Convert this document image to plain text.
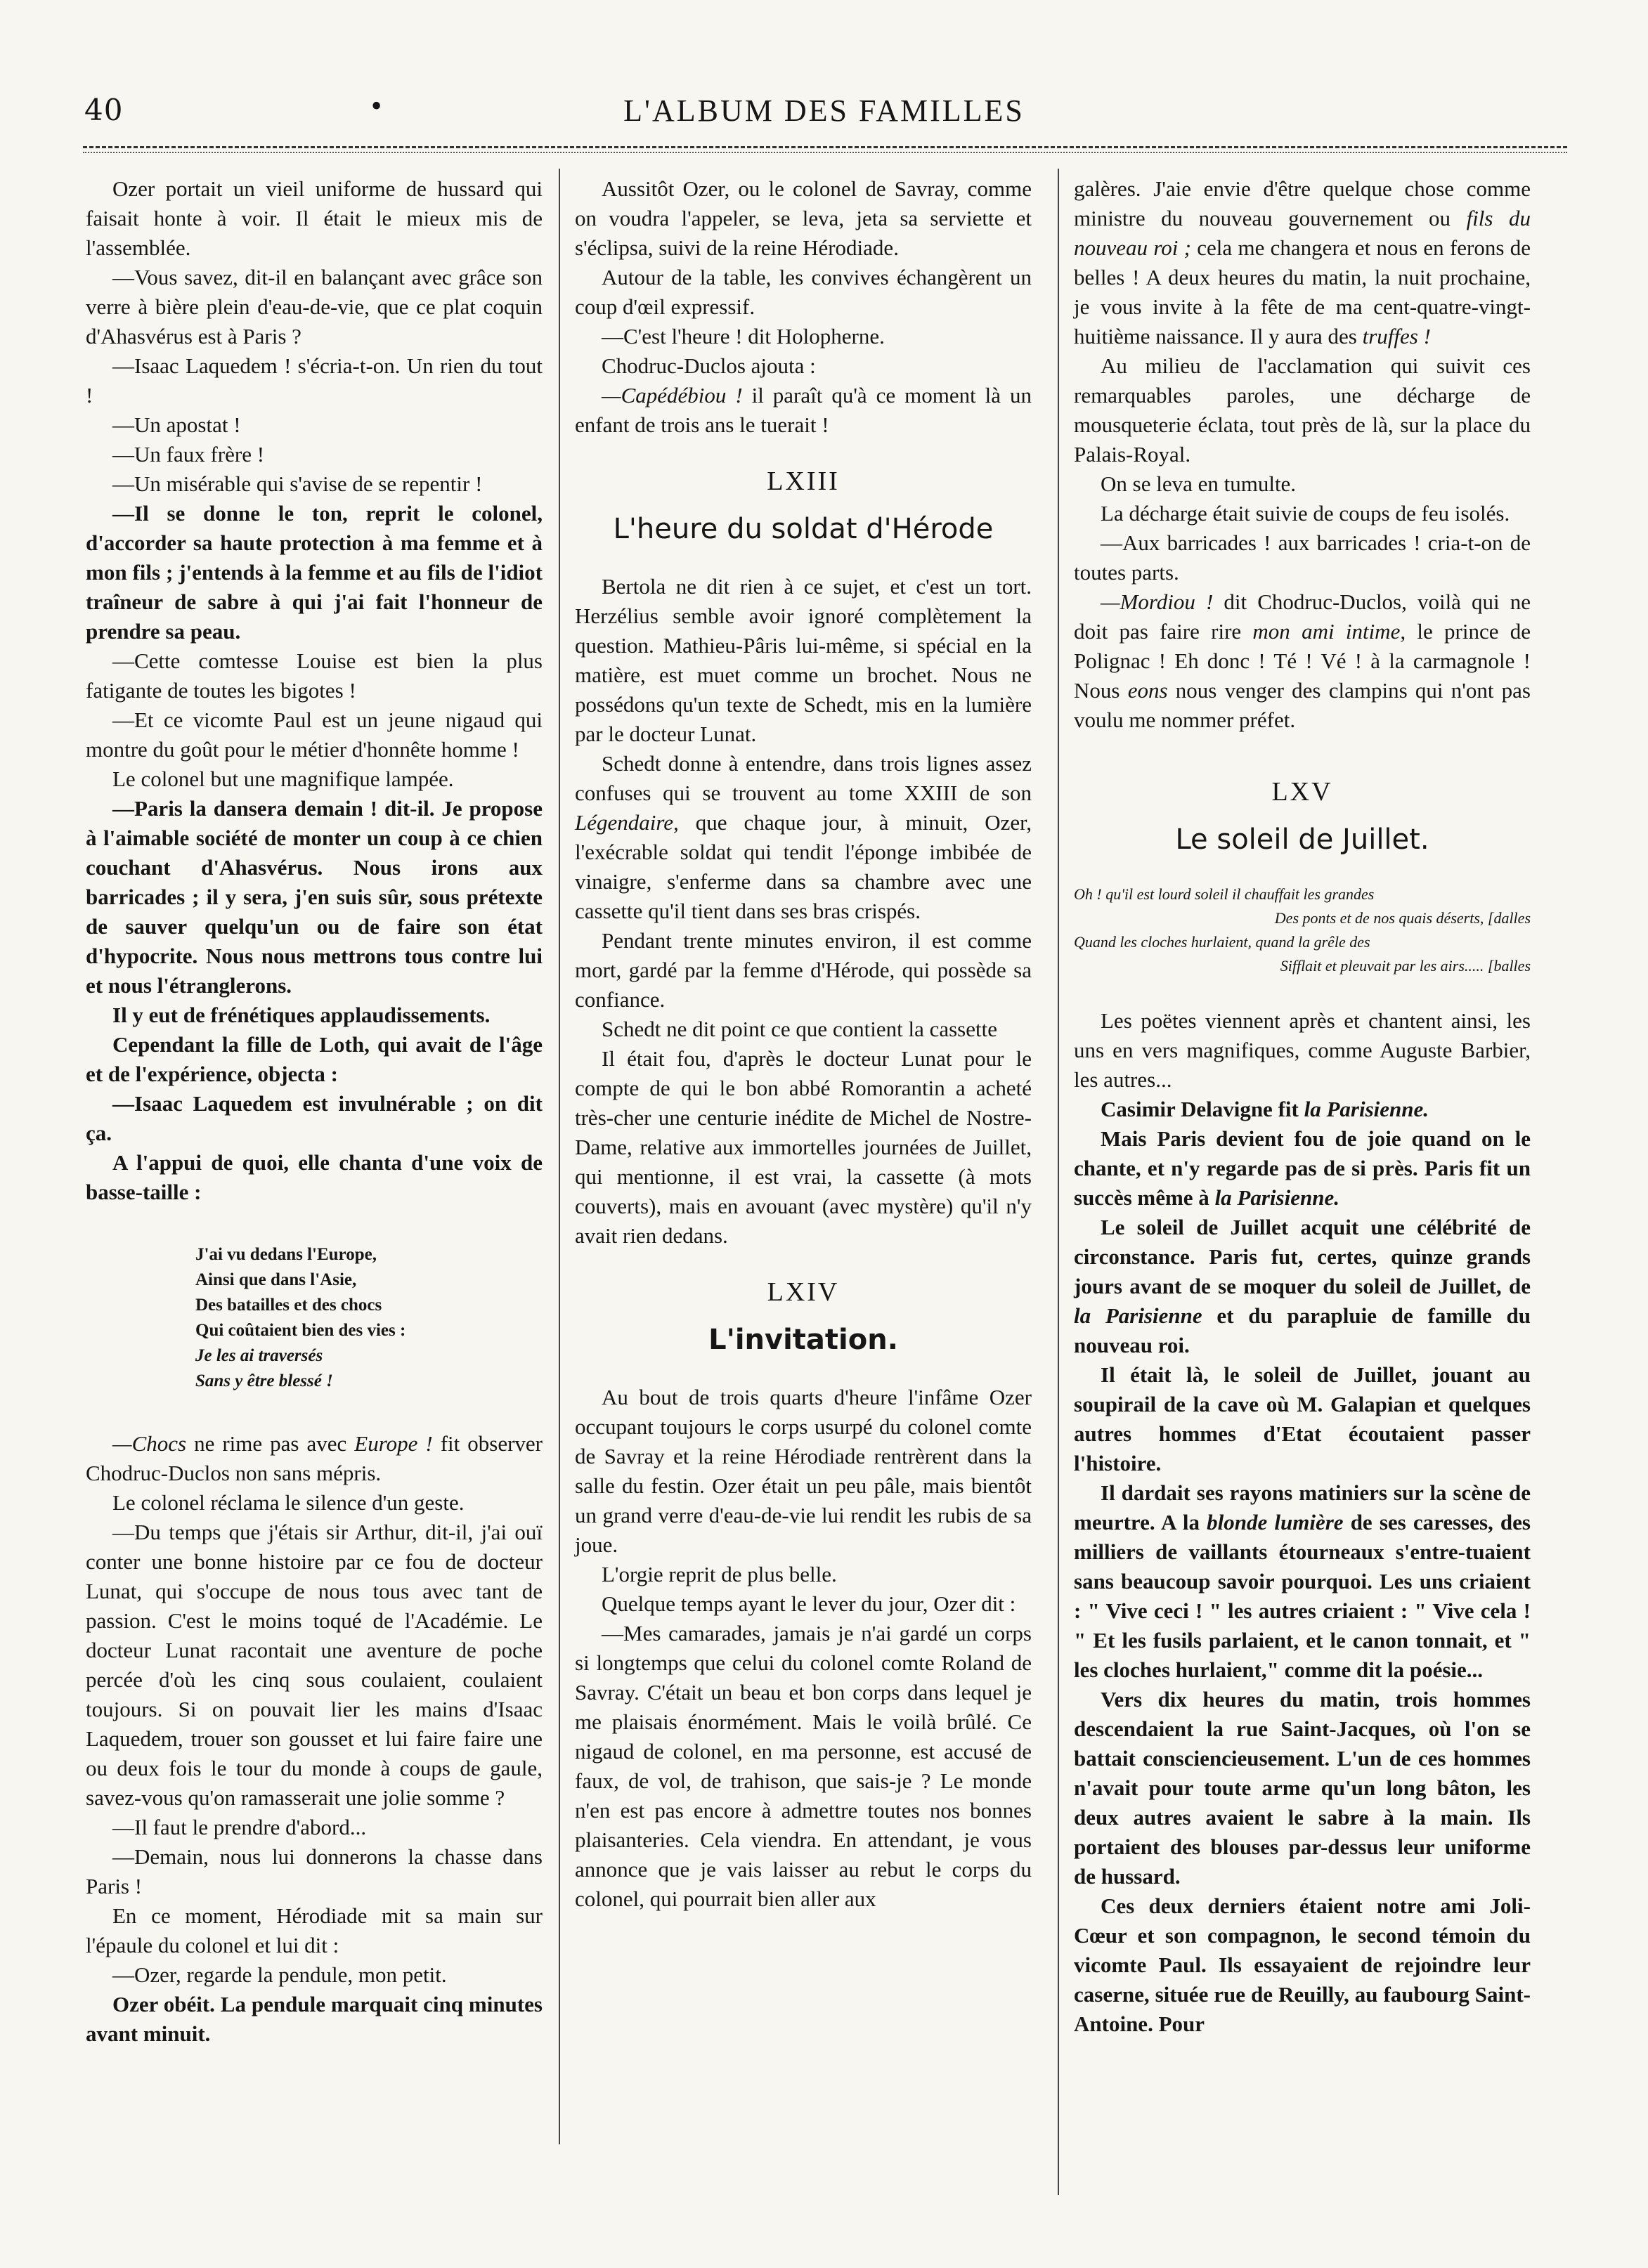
40	•	L'ALBUM DES FAMILLES

Ozer portait un vieil uniforme de hussard qui faisait honte à voir. Il était le mieux mis de l'assemblée.

—Vous savez, dit-il en balançant avec grâce son verre à bière plein d'eau-de-vie, que ce plat coquin d'Ahasvérus est à Paris ?

—Isaac Laquedem ! s'écria-t-on. Un rien du tout !

—Un apostat !

—Un faux frère !

—Un misérable qui s'avise de se repentir !

—Il se donne le ton, reprit le colonel, d'accorder sa haute protection à ma femme et à mon fils ; j'entends à la femme et au fils de l'idiot traîneur de sabre à qui j'ai fait l'honneur de prendre sa peau.

—Cette comtesse Louise est bien la plus fatigante de toutes les bigotes !

—Et ce vicomte Paul est un jeune nigaud qui montre du goût pour le métier d'honnête homme !

Le colonel but une magnifique lampée.

—Paris la dansera demain ! dit-il. Je propose à l'aimable société de monter un coup à ce chien couchant d'Ahasvérus. Nous irons aux barricades ; il y sera, j'en suis sûr, sous prétexte de sauver quelqu'un ou de faire son état d'hypocrite. Nous nous mettrons tous contre lui et nous l'étranglerons.

Il y eut de frénétiques applaudissements.

Cependant la fille de Loth, qui avait de l'âge et de l'expérience, objecta :

—Isaac Laquedem est invulnérable ; on dit ça.

A l'appui de quoi, elle chanta d'une voix de basse-taille :

J'ai vu dedans l'Europe,
Ainsi que dans l'Asie,
Des batailles et des chocs
Qui coûtaient bien des vies :
Je les ai traversés
Sans y être blessé !

—Chocs ne rime pas avec Europe ! fit observer Chodruc-Duclos non sans mépris.

Le colonel réclama le silence d'un geste.

—Du temps que j'étais sir Arthur, dit-il, j'ai ouï conter une bonne histoire par ce fou de docteur Lunat, qui s'occupe de nous tous avec tant de passion. C'est le moins toqué de l'Académie. Le docteur Lunat racontait une aventure de poche percée d'où les cinq sous coulaient, coulaient toujours. Si on pouvait lier les mains d'Isaac Laquedem, trouer son gousset et lui faire faire une ou deux fois le tour du monde à coups de gaule, savez-vous qu'on ramasserait une jolie somme ?

—Il faut le prendre d'abord...

—Demain, nous lui donnerons la chasse dans Paris !

En ce moment, Hérodiade mit sa main sur l'épaule du colonel et lui dit :

—Ozer, regarde la pendule, mon petit.

Ozer obéit. La pendule marquait cinq minutes avant minuit.

Aussitôt Ozer, ou le colonel de Savray, comme on voudra l'appeler, se leva, jeta sa serviette et s'éclipsa, suivi de la reine Hérodiade.

Autour de la table, les convives échangèrent un coup d'œil expressif.

—C'est l'heure ! dit Holopherne.

Chodruc-Duclos ajouta :

—Capédébiou ! il paraît qu'à ce moment là un enfant de trois ans le tuerait !

LXIII
L'heure du soldat d'Hérode

Bertola ne dit rien à ce sujet, et c'est un tort. Herzélius semble avoir ignoré complètement la question. Mathieu-Pâris lui-même, si spécial en la matière, est muet comme un brochet. Nous ne possédons qu'un texte de Schedt, mis en la lumière par le docteur Lunat.

Schedt donne à entendre, dans trois lignes assez confuses qui se trouvent au tome XXIII de son Légendaire, que chaque jour, à minuit, Ozer, l'exécrable soldat qui tendit l'éponge imbibée de vinaigre, s'enferme dans sa chambre avec une cassette qu'il tient dans ses bras crispés.

Pendant trente minutes environ, il est comme mort, gardé par la femme d'Hérode, qui possède sa confiance.

Schedt ne dit point ce que contient la cassette

Il était fou, d'après le docteur Lunat pour le compte de qui le bon abbé Romorantin a acheté très-cher une centurie inédite de Michel de Nostre-Dame, relative aux immortelles journées de Juillet, qui mentionne, il est vrai, la cassette (à mots couverts), mais en avouant (avec mystère) qu'il n'y avait rien dedans.

LXIV
L'invitation.

Au bout de trois quarts d'heure l'infâme Ozer occupant toujours le corps usurpé du colonel comte de Savray et la reine Hérodiade rentrèrent dans la salle du festin. Ozer était un peu pâle, mais bientôt un grand verre d'eau-de-vie lui rendit les rubis de sa joue.

L'orgie reprit de plus belle.

Quelque temps ayant le lever du jour, Ozer dit :

—Mes camarades, jamais je n'ai gardé un corps si longtemps que celui du colonel comte Roland de Savray. C'était un beau et bon corps dans lequel je me plaisais énormément. Mais le voilà brûlé. Ce nigaud de colonel, en ma personne, est accusé de faux, de vol, de trahison, que sais-je ? Le monde n'en est pas encore à admettre toutes nos bonnes plaisanteries. Cela viendra. En attendant, je vous annonce que je vais laisser au rebut le corps du colonel, qui pourrait bien aller aux

galères. J'aie envie d'être quelque chose comme ministre du nouveau gouvernement ou fils du nouveau roi ; cela me changera et nous en ferons de belles ! A deux heures du matin, la nuit prochaine, je vous invite à la fête de ma cent-quatre-vingt-huitième naissance. Il y aura des truffes !

Au milieu de l'acclamation qui suivit ces remarquables paroles, une décharge de mousqueterie éclata, tout près de là, sur la place du Palais-Royal.

On se leva en tumulte.

La décharge était suivie de coups de feu isolés.

—Aux barricades ! aux barricades ! cria-t-on de toutes parts.

—Mordiou ! dit Chodruc-Duclos, voilà qui ne doit pas faire rire mon ami intime, le prince de Polignac ! Eh donc ! Té ! Vé ! à la carmagnole ! Nous eons nous venger des clampins qui n'ont pas voulu me nommer préfet.

LXV
Le soleil de Juillet.
Oh ! qu'il est lourd soleil il chauffait les grandes
Des ponts et de nos quais déserts, [dalles
Quand les cloches hurlaient, quand la grêle des
Sifflait et pleuvait par les airs..... [balles

Les poëtes viennent après et chantent ainsi, les uns en vers magnifiques, comme Auguste Barbier, les autres...

Casimir Delavigne fit la Parisienne.

Mais Paris devient fou de joie quand on le chante, et n'y regarde pas de si près. Paris fit un succès même à la Parisienne.

Le soleil de Juillet acquit une célébrité de circonstance. Paris fut, certes, quinze grands jours avant de se moquer du soleil de Juillet, de la Parisienne et du parapluie de famille du nouveau roi.

Il était là, le soleil de Juillet, jouant au soupirail de la cave où M. Galapian et quelques autres hommes d'Etat écoutaient passer l'histoire.

Il dardait ses rayons matiniers sur la scène de meurtre. A la blonde lumière de ses caresses, des milliers de vaillants étourneaux s'entre-tuaient sans beaucoup savoir pourquoi. Les uns criaient : " Vive ceci ! " les autres criaient : " Vive cela ! " Et les fusils parlaient, et le canon tonnait, et " les cloches hurlaient," comme dit la poésie...

Vers dix heures du matin, trois hommes descendaient la rue Saint-Jacques, où l'on se battait consciencieusement. L'un de ces hommes n'avait pour toute arme qu'un long bâton, les deux autres avaient le sabre à la main. Ils portaient des blouses par-dessus leur uniforme de hussard.

Ces deux derniers étaient notre ami Joli-Cœur et son compagnon, le second témoin du vicomte Paul. Ils essayaient de rejoindre leur caserne, située rue de Reuilly, au faubourg Saint-Antoine. Pour
